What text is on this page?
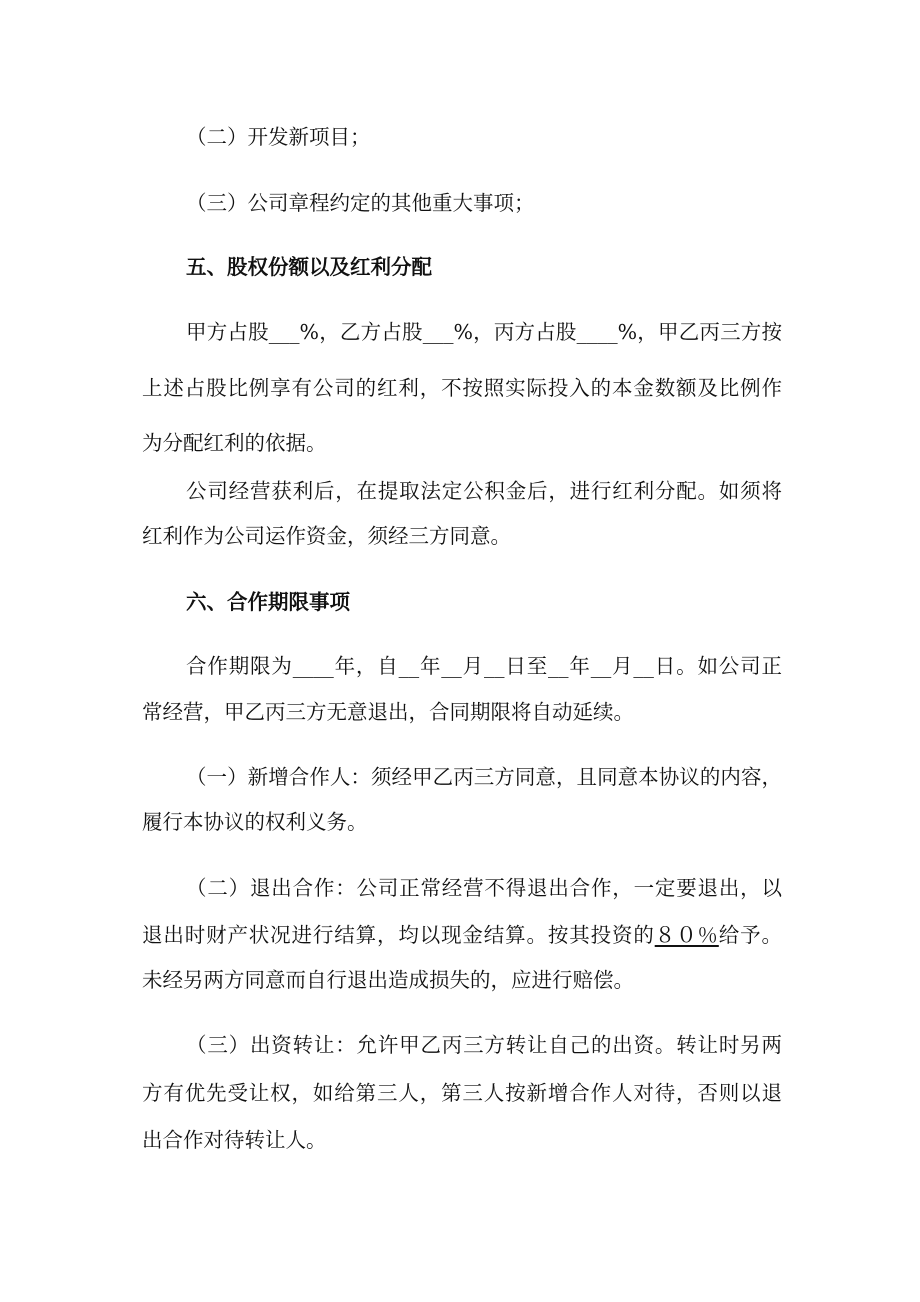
（二）开发新项目；
（三）公司章程约定的其他重大事项；
五、股权份额以及红利分配
甲方占股___%，乙方占股___%，丙方占股____%，甲乙丙三方按
上述占股比例享有公司的红利，不按照实际投入的本金数额及比例作
为分配红利的依据。
公司经营获利后，在提取法定公积金后，进行红利分配。如须将
红利作为公司运作资金，须经三方同意。
六、合作期限事项
合作期限为____年，自__年__月__日至__年__月__日。如公司正
常经营，甲乙丙三方无意退出，合同期限将自动延续。
（一）新增合作人：须经甲乙丙三方同意，且同意本协议的内容，
履行本协议的权利义务。
（二）退出合作：公司正常经营不得退出合作，一定要退出，以
退出时财产状况进行结算，均以现金结算。按其投资的８０％给予。
未经另两方同意而自行退出造成损失的，应进行赔偿。
（三）出资转让：允许甲乙丙三方转让自己的出资。转让时另两
方有优先受让权，如给第三人，第三人按新增合作人对待，否则以退
出合作对待转让人。
